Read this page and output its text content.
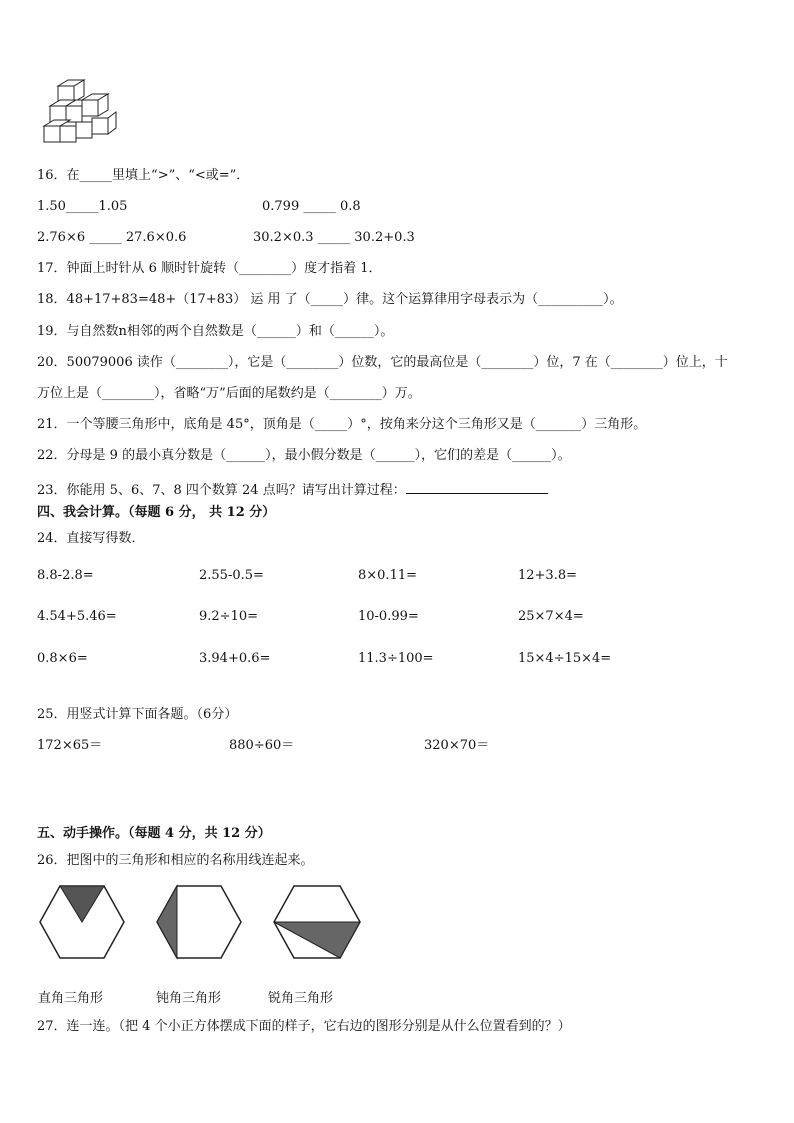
16．在_____里填上“>”、“<或=”．
1.50_____1.05	0.799 _____ 0.8
2.76×6 _____ 27.6×0.6	30.2×0.3 _____ 30.2+0.3
17．钟面上时针从 6 顺时针旋转（________）度才指着 1．
18．48+17+83=48+（17+83） 运 用 了（_____）律。这个运算律用字母表示为（__________）。
19．与自然数n相邻的两个自然数是（______）和（______）。
20．50079006 读作（________），它是（________）位数，它的最高位是（________）位，7 在（________）位上，十
万位上是（________），省略“万”后面的尾数约是（________）万。
21．一个等腰三角形中，底角是 45°，顶角是（_____）°，按角来分这个三角形又是（_______）三角形。
22．分母是 9 的最小真分数是（______），最小假分数是（______），它们的差是（______）。
23．你能用 5、6、7、8 四个数算 24 点吗？请写出计算过程：
四、我会计算。（每题 6 分， 共 12 分）
24．直接写得数．
8.8-2.8=	2.55-0.5=	8×0.11=	12+3.8=
4.54+5.46=	9.2÷10=	10-0.99=	25×7×4=
0.8×6=	3.94+0.6=	11.3÷100=	15×4÷15×4=
25．用竖式计算下面各题。（6分）
172×65＝	880÷60＝	320×70＝
五、动手操作。（每题 4 分，共 12 分）
26．把图中的三角形和相应的名称用线连起来。
直角三角形	钝角三角形	锐角三角形
27．连一连。（把 4 个小正方体摆成下面的样子，它右边的图形分别是从什么位置看到的？）
